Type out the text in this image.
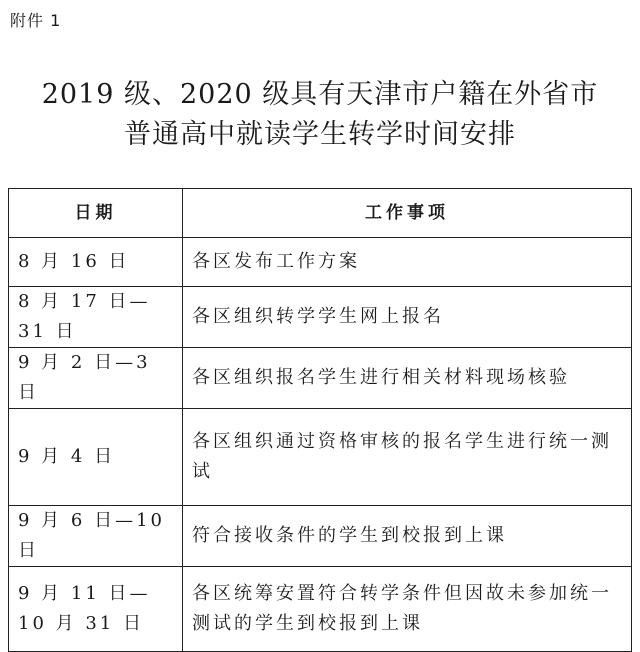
附件 1
2019 级、2020 级具有天津市户籍在外省市
普通高中就读学生转学时间安排
日期	工作事项
8 月 16 日	各区发布工作方案
8 月 17 日—31 日	各区组织转学学生网上报名
9 月 2 日—3 日	各区组织报名学生进行相关材料现场核验
9 月 4 日	各区组织通过资格审核的报名学生进行统一测试
9 月 6 日—10 日	符合接收条件的学生到校报到上课
9 月 11 日—10 月 31 日	各区统筹安置符合转学条件但因故未参加统一测试的学生到校报到上课
